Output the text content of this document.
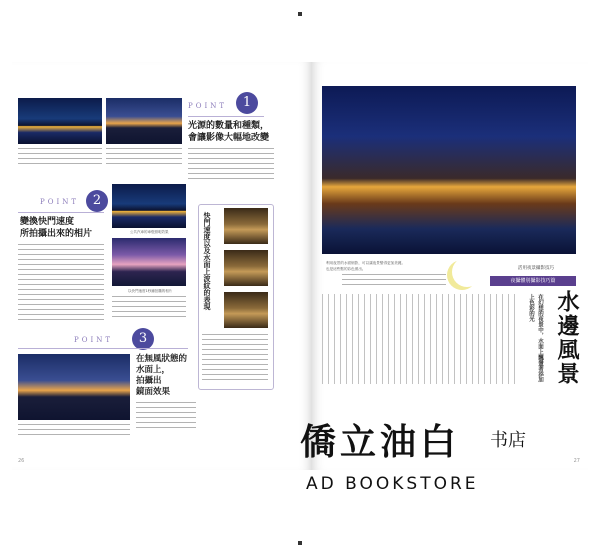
POINT	1
光源的數量和種類，
會讓影像大幅地改變
POINT	2
變換快門速度
所拍攝出來的相片	公共汽車的車燈照明效果
以快門速度1秒鐘拍攝的相片	快門速度以及水面上波紋的表現
POINT	3
在無風狀態的
水面上，
拍攝出
鏡面效果
26
利用夜景的水面倒影，可以讓夜景變得更加美麗。
也是這些點的彩色照出。	活用夜景攝影技巧
夜攝體別攝影技巧篇
水邊風景
在幻想的夜景中，水面上飄盪著添加上色彩的光
27
僑立油白 书店
AD BOOKSTORE
